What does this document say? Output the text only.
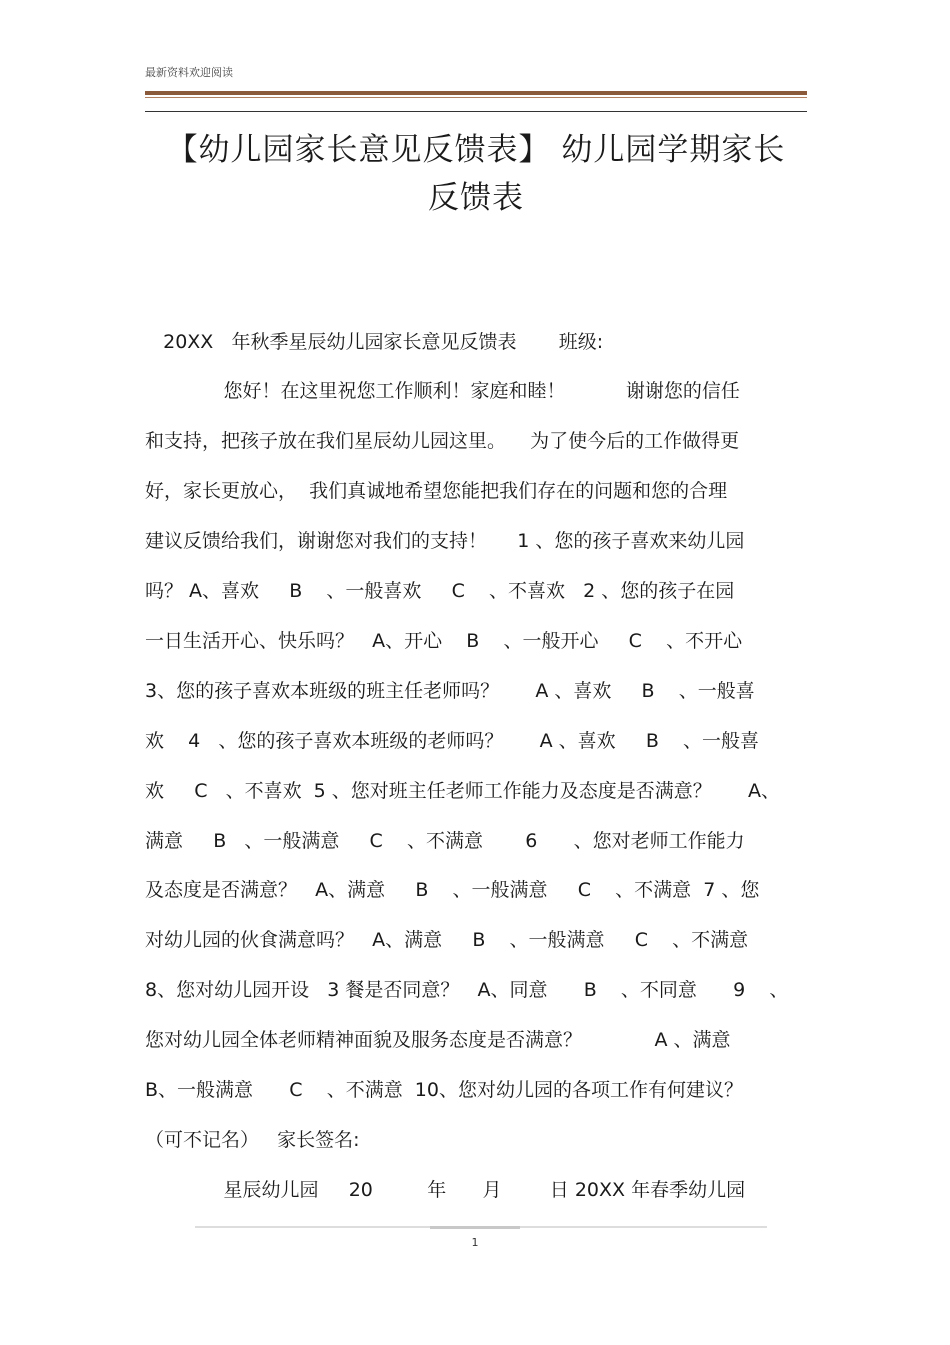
最新资料欢迎阅读
【幼儿园家长意见反馈表】 幼儿园学期家长
反馈表
20XX   年秋季星辰幼儿园家长意见反馈表       班级:
您好！在这里祝您工作顺利！家庭和睦！          谢谢您的信任
和支持，把孩子放在我们星辰幼儿园这里。    为了使今后的工作做得更
好，家长更放心，  我们真诚地希望您能把我们存在的问题和您的合理
建议反馈给我们，谢谢您对我们的支持！     1 、您的孩子喜欢来幼儿园
吗？ A、喜欢     B    、一般喜欢     C    、不喜欢   2 、您的孩子在园
一日生活开心、快乐吗？   A、开心    B    、一般开心     C    、不开心
3、您的孩子喜欢本班级的班主任老师吗？      A 、喜欢     B    、一般喜
欢    4   、您的孩子喜欢本班级的老师吗？      A 、喜欢     B    、一般喜
欢     C   、不喜欢  5 、您对班主任老师工作能力及态度是否满意？      A、
满意     B   、一般满意     C    、不满意       6      、您对老师工作能力
及态度是否满意？   A、满意     B    、一般满意     C    、不满意  7 、您
对幼儿园的伙食满意吗？   A、满意     B    、一般满意     C    、不满意
8、您对幼儿园开设   3 餐是否同意？   A、同意      B    、不同意      9    、
您对幼儿园全体老师精神面貌及服务态度是否满意？            A 、满意
B、一般满意      C    、不满意  10、您对幼儿园的各项工作有何建议？
（可不记名）   家长签名:
星辰幼儿园     20         年      月        日 20XX 年春季幼儿园
1
